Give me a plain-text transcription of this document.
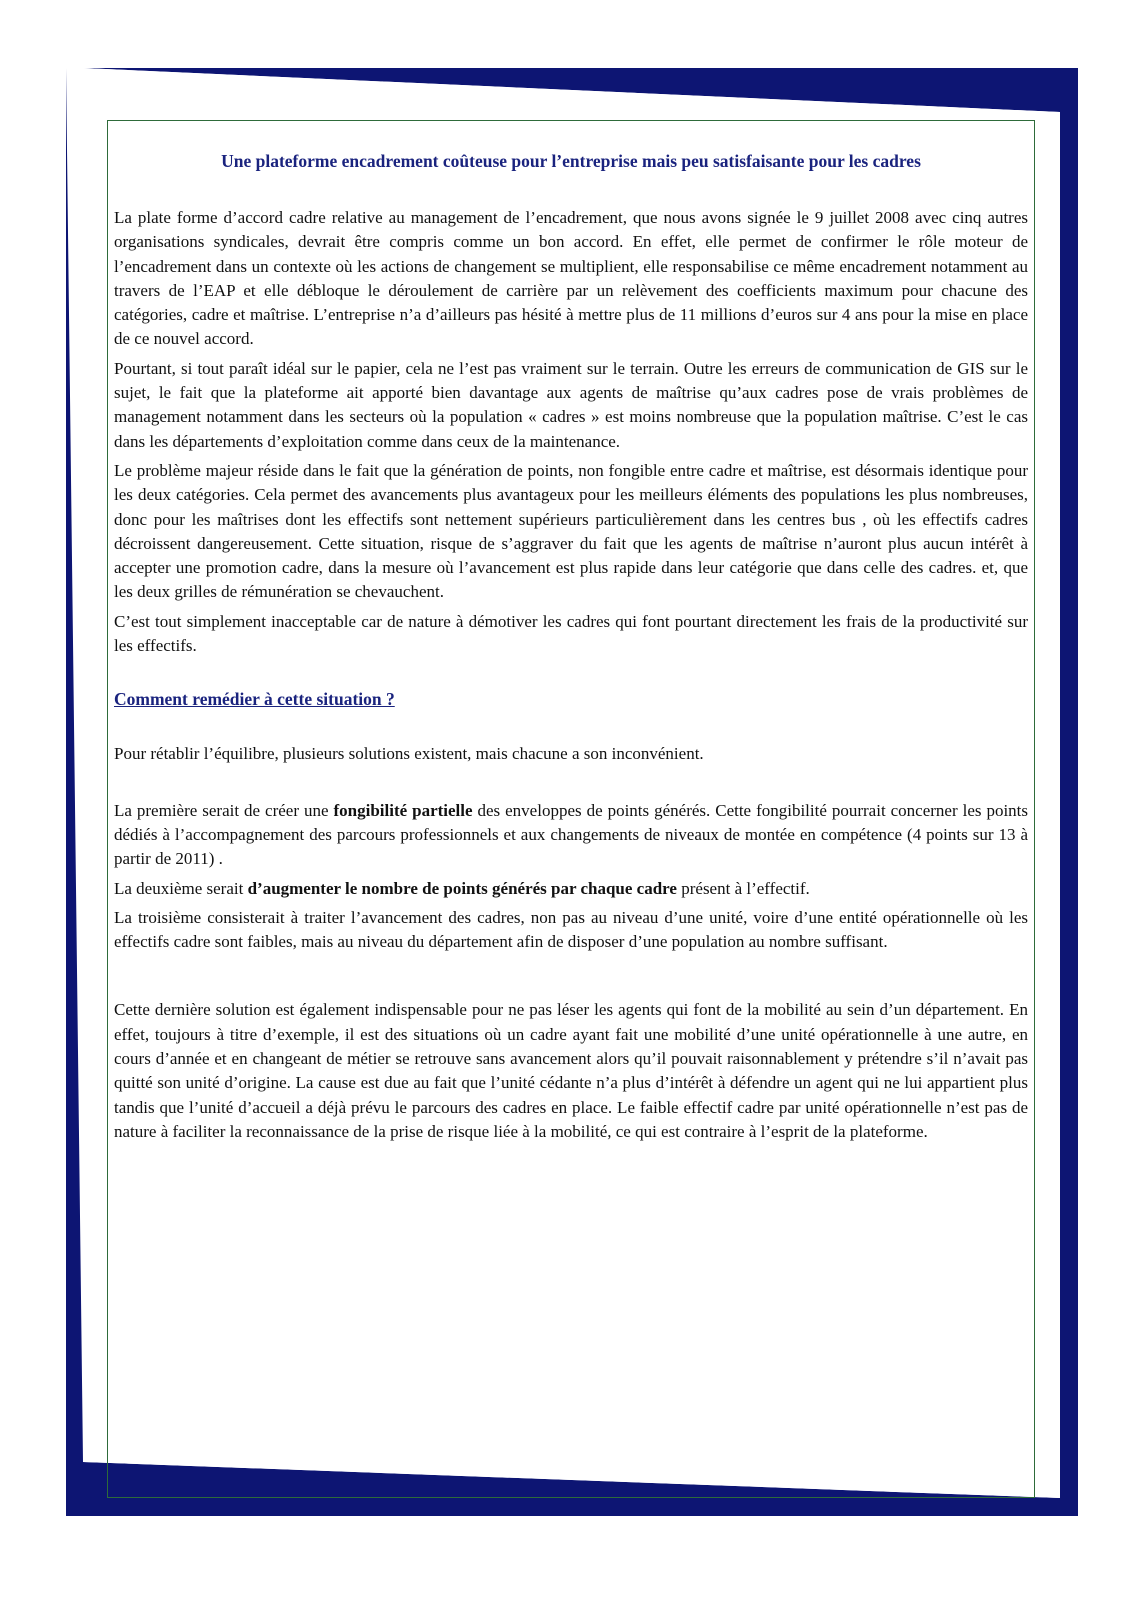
Une plateforme encadrement coûteuse pour l’entreprise mais peu satisfaisante pour les cadres

La plate forme d’accord cadre relative au management de l’encadrement, que nous avons signée le 9 juillet 2008 avec cinq autres organisations syndicales, devrait être compris comme un bon accord. En effet, elle permet de confirmer le rôle moteur de l’encadrement dans un contexte où les actions de changement se multiplient, elle responsabilise ce même encadrement notamment au travers de l’EAP et elle débloque le déroulement de carrière par un relèvement des coefficients maximum pour chacune des catégories, cadre et maîtrise. L’entreprise n’a d’ailleurs pas hésité à mettre plus de 11 millions d’euros sur 4 ans pour la mise en place de ce nouvel accord.

Pourtant, si tout paraît idéal sur le papier, cela ne l’est pas vraiment sur le terrain. Outre les erreurs de communication de GIS sur le sujet, le fait que la plateforme ait apporté bien davantage aux agents de maîtrise qu’aux cadres pose de vrais problèmes de management notamment dans les secteurs où la population « cadres » est moins nombreuse que la population maîtrise. C’est le cas dans les départements d’exploitation comme dans ceux de la maintenance.

Le problème majeur réside dans le fait que la génération de points, non fongible entre cadre et maîtrise, est désormais identique pour les deux catégories. Cela permet des avancements plus avantageux pour les meilleurs éléments des populations les plus nombreuses, donc pour les maîtrises dont les effectifs sont nettement supérieurs particulièrement dans les centres bus , où les effectifs cadres décroissent dangereusement. Cette situation, risque de s’aggraver du fait que les agents de maîtrise n’auront plus aucun intérêt à accepter une promotion cadre, dans la mesure où l’avancement est plus rapide dans leur catégorie que dans celle des cadres. et, que les deux grilles de rémunération se chevauchent.

C’est tout simplement inacceptable car de nature à démotiver les cadres qui font pourtant directement les frais de la productivité sur les effectifs.

Comment remédier à cette situation ?

Pour rétablir l’équilibre, plusieurs solutions existent, mais chacune a son inconvénient.

La première serait de créer une fongibilité partielle des enveloppes de points générés. Cette fongibilité pourrait concerner les points dédiés à l’accompagnement des parcours professionnels et aux changements de niveaux de montée en compétence (4 points sur 13 à partir de 2011) .

La deuxième serait d’augmenter le nombre de points générés par chaque cadre présent à l’effectif.

La troisième consisterait à traiter l’avancement des cadres, non pas au niveau d’une unité, voire d’une entité opérationnelle où les effectifs cadre sont faibles, mais au niveau du département afin de disposer d’une population au nombre suffisant.

Cette dernière solution est également indispensable pour ne pas léser les agents qui font de la mobilité au sein d’un département. En effet, toujours à titre d’exemple, il est des situations où un cadre ayant fait une mobilité d’une unité opérationnelle à une autre, en cours d’année et en changeant de métier se retrouve sans avancement alors qu’il pouvait raisonnablement y prétendre s’il n’avait pas quitté son unité d’origine. La cause est due au fait que l’unité cédante n’a plus d’intérêt à défendre un agent qui ne lui appartient plus tandis que l’unité d’accueil a déjà prévu le parcours des cadres en place. Le faible effectif cadre par unité opérationnelle n’est pas de nature à faciliter la reconnaissance de la prise de risque liée à la mobilité, ce qui est contraire à l’esprit de la plateforme.
